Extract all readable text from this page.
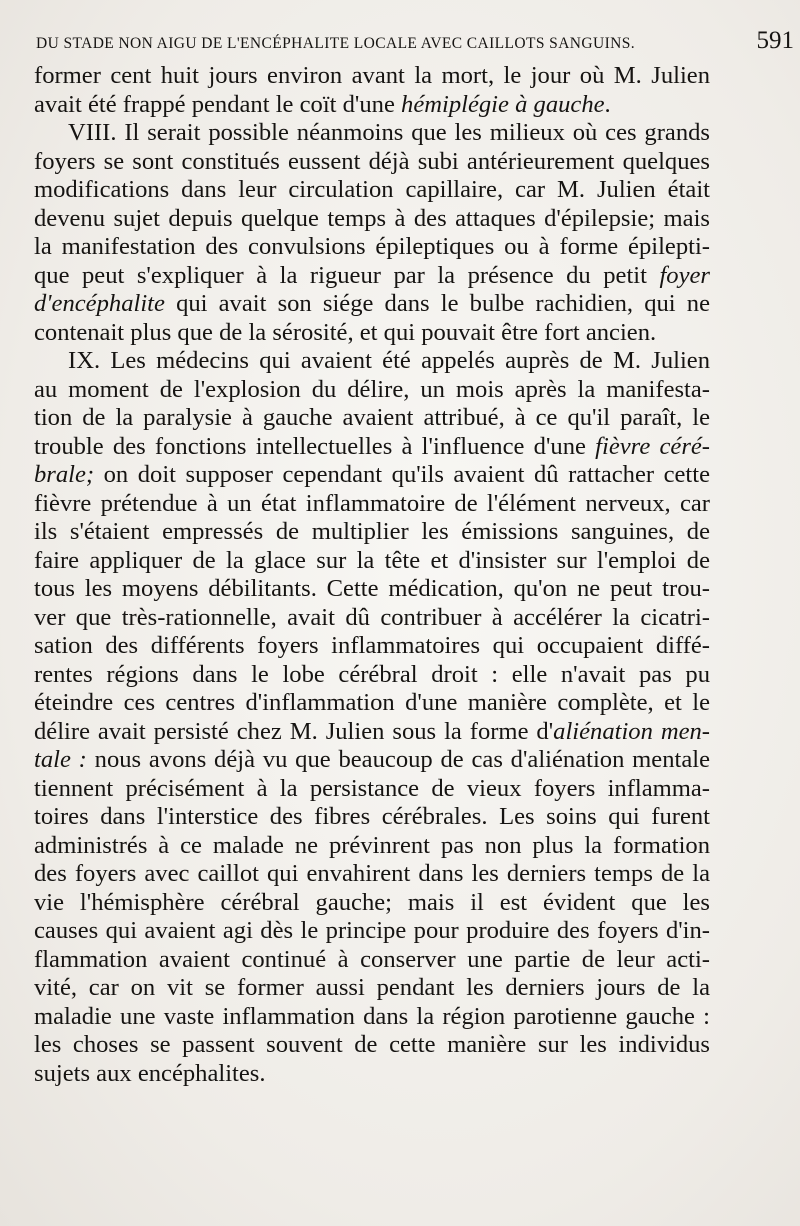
DU STADE NON AIGU DE L'ENCÉPHALITE LOCALE AVEC CAILLOTS SANGUINS.	591
former cent huit jours environ avant la mort, le jour où M. Julien
avait été frappé pendant le coït d'une hémiplégie à gauche.
VIII. Il serait possible néanmoins que les milieux où ces grands
foyers se sont constitués eussent déjà subi antérieurement quelques
modifications dans leur circulation capillaire, car M. Julien était
devenu sujet depuis quelque temps à des attaques d'épilepsie; mais
la manifestation des convulsions épileptiques ou à forme épilepti-
que peut s'expliquer à la rigueur par la présence du petit foyer
d'encéphalite qui avait son siége dans le bulbe rachidien, qui ne
contenait plus que de la sérosité, et qui pouvait être fort ancien.
IX. Les médecins qui avaient été appelés auprès de M. Julien
au moment de l'explosion du délire, un mois après la manifesta-
tion de la paralysie à gauche avaient attribué, à ce qu'il paraît, le
trouble des fonctions intellectuelles à l'influence d'une fièvre céré-
brale; on doit supposer cependant qu'ils avaient dû rattacher cette
fièvre prétendue à un état inflammatoire de l'élément nerveux, car
ils s'étaient empressés de multiplier les émissions sanguines, de
faire appliquer de la glace sur la tête et d'insister sur l'emploi de
tous les moyens débilitants. Cette médication, qu'on ne peut trou-
ver que très-rationnelle, avait dû contribuer à accélérer la cicatri-
sation des différents foyers inflammatoires qui occupaient diffé-
rentes régions dans le lobe cérébral droit : elle n'avait pas pu
éteindre ces centres d'inflammation d'une manière complète, et le
délire avait persisté chez M. Julien sous la forme d'aliénation men-
tale : nous avons déjà vu que beaucoup de cas d'aliénation mentale
tiennent précisément à la persistance de vieux foyers inflamma-
toires dans l'interstice des fibres cérébrales. Les soins qui furent
administrés à ce malade ne prévinrent pas non plus la formation
des foyers avec caillot qui envahirent dans les derniers temps de la
vie l'hémisphère cérébral gauche; mais il est évident que les
causes qui avaient agi dès le principe pour produire des foyers d'in-
flammation avaient continué à conserver une partie de leur acti-
vité, car on vit se former aussi pendant les derniers jours de la
maladie une vaste inflammation dans la région parotienne gauche :
les choses se passent souvent de cette manière sur les individus
sujets aux encéphalites.
